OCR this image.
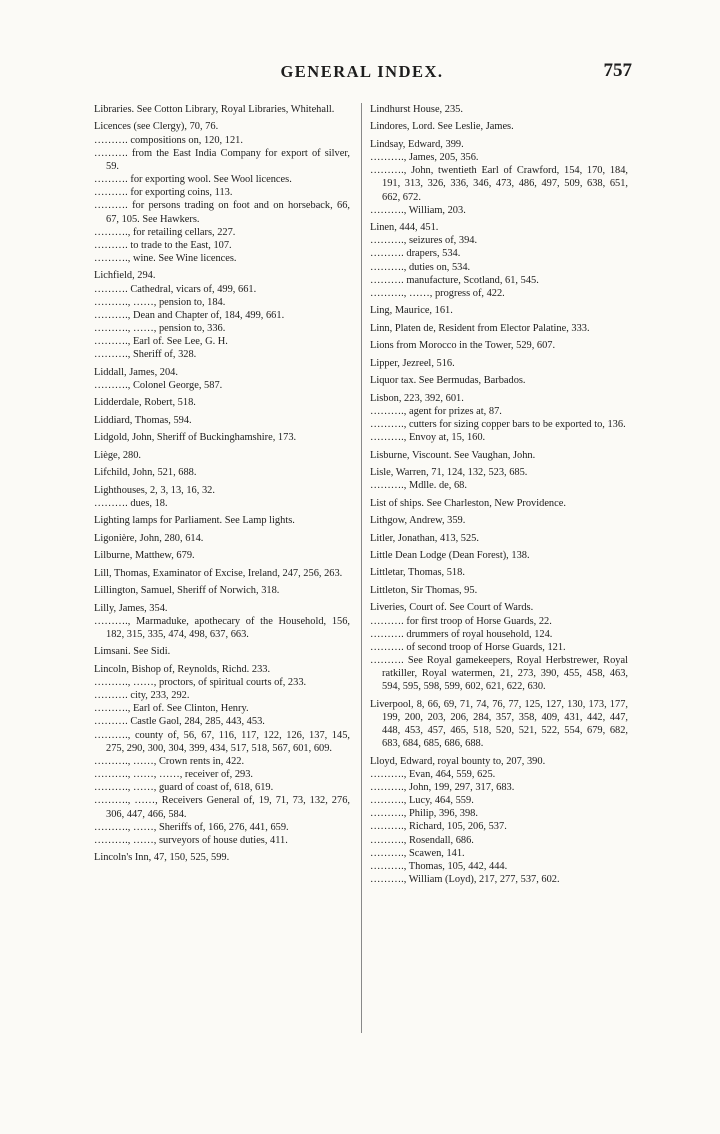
GENERAL INDEX.	757

Libraries. See Cotton Library, Royal Libraries, Whitehall.

Licences (see Clergy), 70, 76.

………. compositions on, 120, 121.

………. from the East India Company for export of silver, 59.

………. for exporting wool. See Wool licences.

………. for exporting coins, 113.

………. for persons trading on foot and on horseback, 66, 67, 105. See Hawkers.

………., for retailing cellars, 227.

………. to trade to the East, 107.

………., wine. See Wine licences.

Lichfield, 294.

………. Cathedral, vicars of, 499, 661.

………., ……, pension to, 184.

………., Dean and Chapter of, 184, 499, 661.

………., ……, pension to, 336.

………., Earl of. See Lee, G. H.

………., Sheriff of, 328.

Liddall, James, 204.

………., Colonel George, 587.

Lidderdale, Robert, 518.

Liddiard, Thomas, 594.

Lidgold, John, Sheriff of Buckinghamshire, 173.

Liège, 280.

Lifchild, John, 521, 688.

Lighthouses, 2, 3, 13, 16, 32.

………. dues, 18.

Lighting lamps for Parliament. See Lamp lights.

Ligonière, John, 280, 614.

Lilburne, Matthew, 679.

Lill, Thomas, Examinator of Excise, Ireland, 247, 256, 263.

Lillington, Samuel, Sheriff of Norwich, 318.

Lilly, James, 354.

………., Marmaduke, apothecary of the Household, 156, 182, 315, 335, 474, 498, 637, 663.

Limsani. See Sidi.

Lincoln, Bishop of, Reynolds, Richd. 233.

………., ……, proctors, of spiritual courts of, 233.

………. city, 233, 292.

………., Earl of. See Clinton, Henry.

………. Castle Gaol, 284, 285, 443, 453.

………., county of, 56, 67, 116, 117, 122, 126, 137, 145, 275, 290, 300, 304, 399, 434, 517, 518, 567, 601, 609.

………., ……, Crown rents in, 422.

………., ……, ……, receiver of, 293.

………., ……, guard of coast of, 618, 619.

………., ……, Receivers General of, 19, 71, 73, 132, 276, 306, 447, 466, 584.

………., ……, Sheriffs of, 166, 276, 441, 659.

………., ……, surveyors of house duties, 411.

Lincoln's Inn, 47, 150, 525, 599.

Lindhurst House, 235.

Lindores, Lord. See Leslie, James.

Lindsay, Edward, 399.

………., James, 205, 356.

………., John, twentieth Earl of Crawford, 154, 170, 184, 191, 313, 326, 336, 346, 473, 486, 497, 509, 638, 651, 662, 672.

………., William, 203.

Linen, 444, 451.

………., seizures of, 394.

………. drapers, 534.

………., duties on, 534.

………. manufacture, Scotland, 61, 545.

………., ……, progress of, 422.

Ling, Maurice, 161.

Linn, Platen de, Resident from Elector Palatine, 333.

Lions from Morocco in the Tower, 529, 607.

Lipper, Jezreel, 516.

Liquor tax. See Bermudas, Barbados.

Lisbon, 223, 392, 601.

………., agent for prizes at, 87.

………., cutters for sizing copper bars to be exported to, 136.

………., Envoy at, 15, 160.

Lisburne, Viscount. See Vaughan, John.

Lisle, Warren, 71, 124, 132, 523, 685.

………., Mdlle. de, 68.

List of ships. See Charleston, New Providence.

Lithgow, Andrew, 359.

Litler, Jonathan, 413, 525.

Little Dean Lodge (Dean Forest), 138.

Littletar, Thomas, 518.

Littleton, Sir Thomas, 95.

Liveries, Court of. See Court of Wards.

………. for first troop of Horse Guards, 22.

………. drummers of royal household, 124.

………. of second troop of Horse Guards, 121.

………. See Royal gamekeepers, Royal Herbstrewer, Royal ratkiller, Royal watermen, 21, 273, 390, 455, 458, 463, 594, 595, 598, 599, 602, 621, 622, 630.

Liverpool, 8, 66, 69, 71, 74, 76, 77, 125, 127, 130, 173, 177, 199, 200, 203, 206, 284, 357, 358, 409, 431, 442, 447, 448, 453, 457, 465, 518, 520, 521, 522, 554, 679, 682, 683, 684, 685, 686, 688.

Lloyd, Edward, royal bounty to, 207, 390.

………., Evan, 464, 559, 625.

………., John, 199, 297, 317, 683.

………., Lucy, 464, 559.

………., Philip, 396, 398.

………., Richard, 105, 206, 537.

………., Rosendall, 686.

………., Scawen, 141.

………., Thomas, 105, 442, 444.

………., William (Loyd), 217, 277, 537, 602.
